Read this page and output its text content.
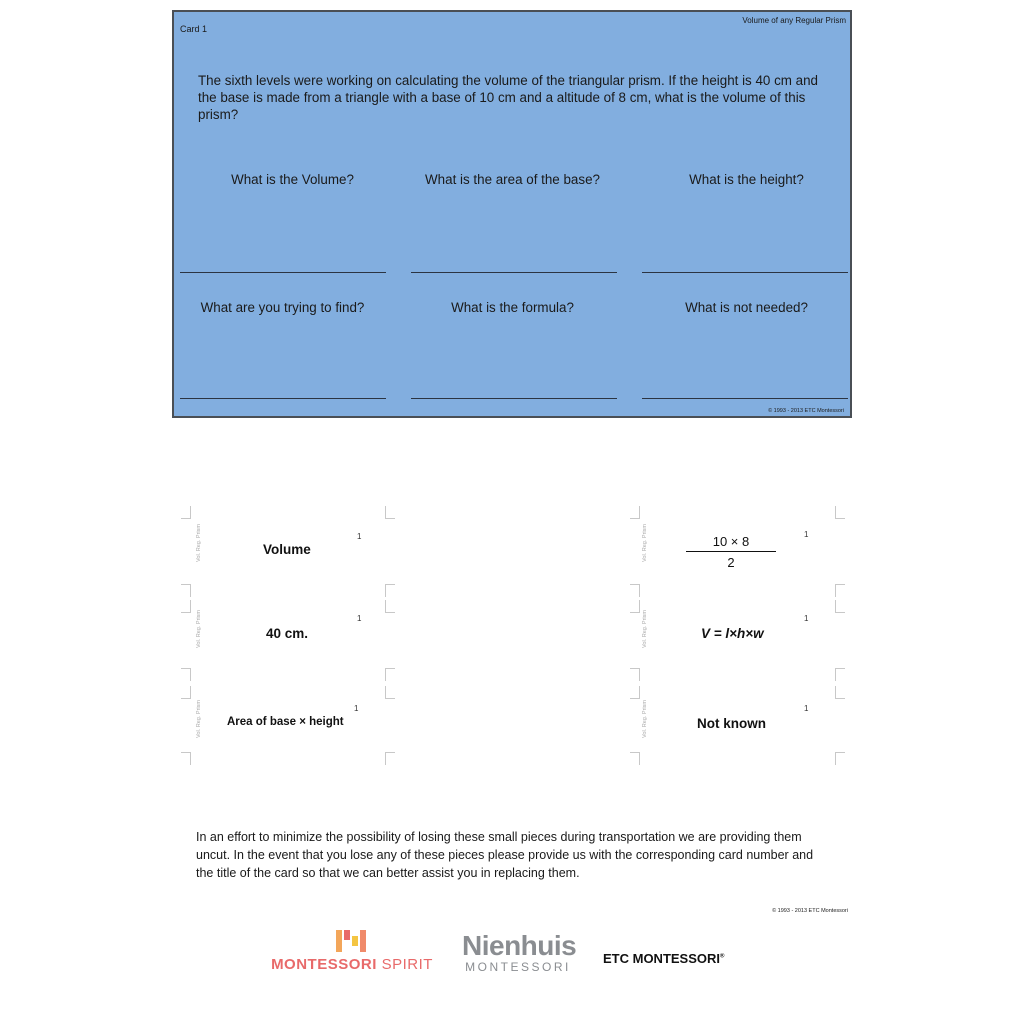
Card 1
Volume of any Regular Prism
The sixth levels were working on calculating the volume of the triangular prism. If the height is 40 cm and the base is made from a triangle with a base of 10 cm and a altitude of 8 cm, what is the volume of this prism?
What is the Volume?	What is the area of the base?	What is the height?
What are you trying to find?	What is the formula?	What is not needed?
© 1993 - 2013 ETC Montessori
Vol. Reg. Prism
Vol. Reg. Prism
Vol. Reg. Prism
Volume
1
40 cm.
1
Area of base × height
1
Vol. Reg. Prism
Vol. Reg. Prism
Vol. Reg. Prism
$\frac{10 \times 8}{2}$	1
V = l×h×w
1
Not known
1
In an effort to minimize the possibility of losing these small pieces during transportation we are providing them uncut. In the event that you lose any of these pieces please provide us with the corresponding card number and the title of the card so that we can better assist you in replacing them.
© 1993 - 2013 ETC Montessori
MONTESSORI SPIRIT
Nienhuis
MONTESSORI
ETC MONTESSORI®
